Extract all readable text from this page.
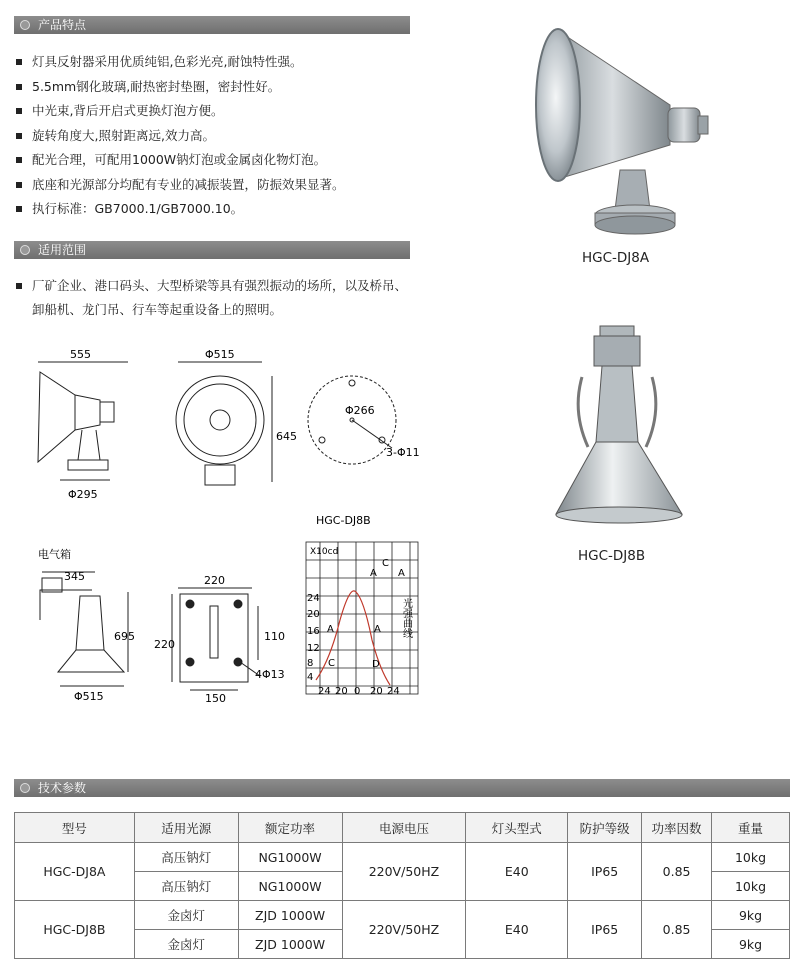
产品特点
灯具反射器采用优质纯铝,色彩光亮,耐蚀特性强。
5.5mm钢化玻璃,耐热密封垫圈，密封性好。
中光束,背后开启式更换灯泡方便。
旋转角度大,照射距离远,效力高。
配光合理，可配用1000W钠灯泡或金属卤化物灯泡。
底座和光源部分均配有专业的减振装置，防振效果显著。
执行标准：GB7000.1/GB7000.10。
适用范围
厂矿企业、港口码头、大型桥梁等具有强烈振动的场所，以及桥吊、卸船机、龙门吊、行车等起重设备上的照明。
HGC-DJ8A
HGC-DJ8B
555
Φ295
Φ515
645
Φ266
3-Φ11
HGC-DJ8B
电气箱
345
695
Φ515
220
220
110
150
4Φ13
X10cd
24
20
16
12
8
4
24 20 0 20 24
C
A A
A	A
C	D
光强曲线
技术参数
型号	适用光源	额定功率	电源电压	灯头型式	防护等级	功率因数	重量
HGC-DJ8A	高压钠灯	NG1000W	220V/50HZ	E40	IP65	0.85	10kg
	高压钠灯	NG1000W					10kg
HGC-DJ8B	金卤灯	ZJD 1000W	220V/50HZ	E40	IP65	0.85	9kg
	金卤灯	ZJD 1000W					9kg
